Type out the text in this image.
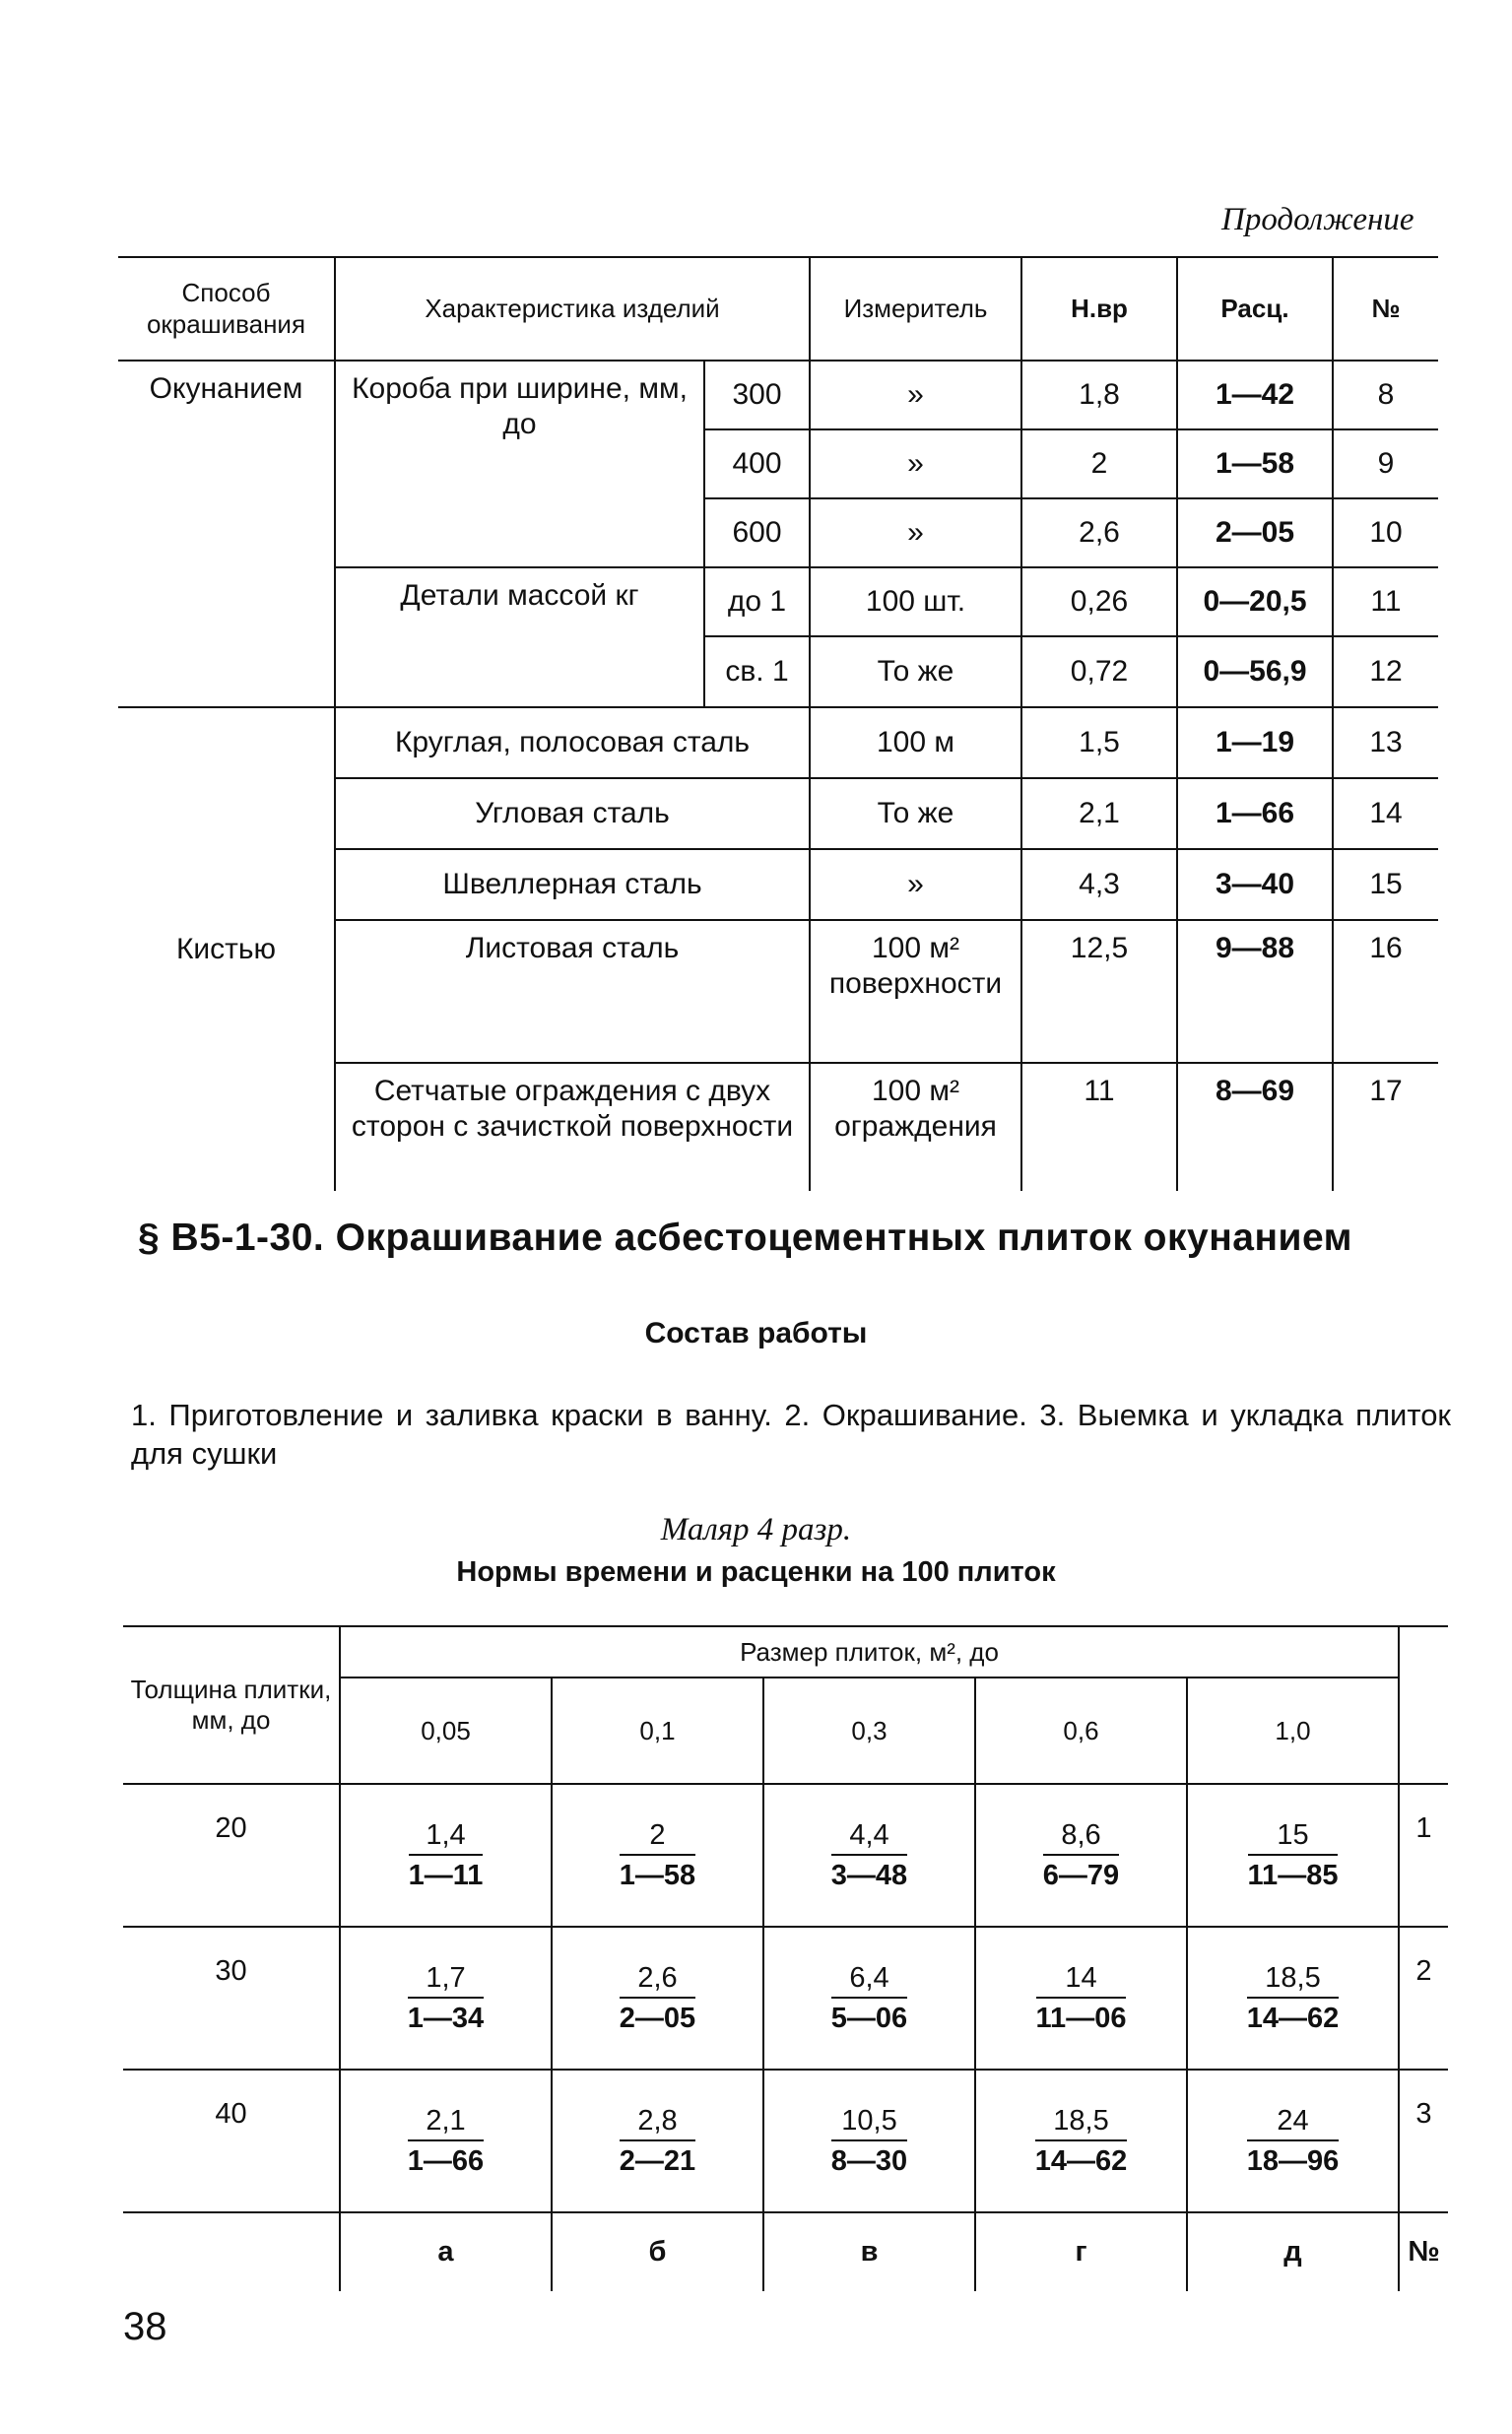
Продолжение
Способ окрашивания	Характеристика изделий		Измеритель	Н.вр	Расц.	№
Окунанием	Короба при ширине, мм, до	300	»	1,8	1—42	8
		400	»	2	1—58	9
		600	»	2,6	2—05	10
	Детали массой кг	до 1	100 шт.	0,26	0—20,5	11
		св. 1	То же	0,72	0—56,9	12
Кистью	Круглая, полосовая сталь		100 м	1,5	1—19	13
	Угловая сталь		То же	2,1	1—66	14
	Швеллерная сталь		»	4,3	3—40	15
	Листовая сталь		100 м² поверхности	12,5	9—88	16
	Сетчатые ограждения с двух сторон с зачисткой поверхности		100 м² ограждения	11	8—69	17
§ В5-1-30. Окрашивание асбестоцементных плиток окунанием
Состав работы
1. Приготовление и заливка краски в ванну. 2. Окрашивание. 3. Выемка и укладка плиток для сушки
Маляр 4 разр.
Нормы времени и расценки на 100 плиток
Толщина плитки, мм, до	Размер плиток, м², до					
	0,05	0,1	0,3	0,6	1,0	
20	$\frac{1,4}{1—11}$	$\frac{2}{1—58}$	$\frac{4,4}{3—48}$	$\frac{8,6}{6—79}$	$\frac{15}{11—85}$	1
30	$\frac{1,7}{1—34}$	$\frac{2,6}{2—05}$	$\frac{6,4}{5—06}$	$\frac{14}{11—06}$	$\frac{18,5}{14—62}$	2
40	$\frac{2,1}{1—66}$	$\frac{2,8}{2—21}$	$\frac{10,5}{8—30}$	$\frac{18,5}{14—62}$	$\frac{24}{18—96}$	3
	а	б	в	г	д	№
38
